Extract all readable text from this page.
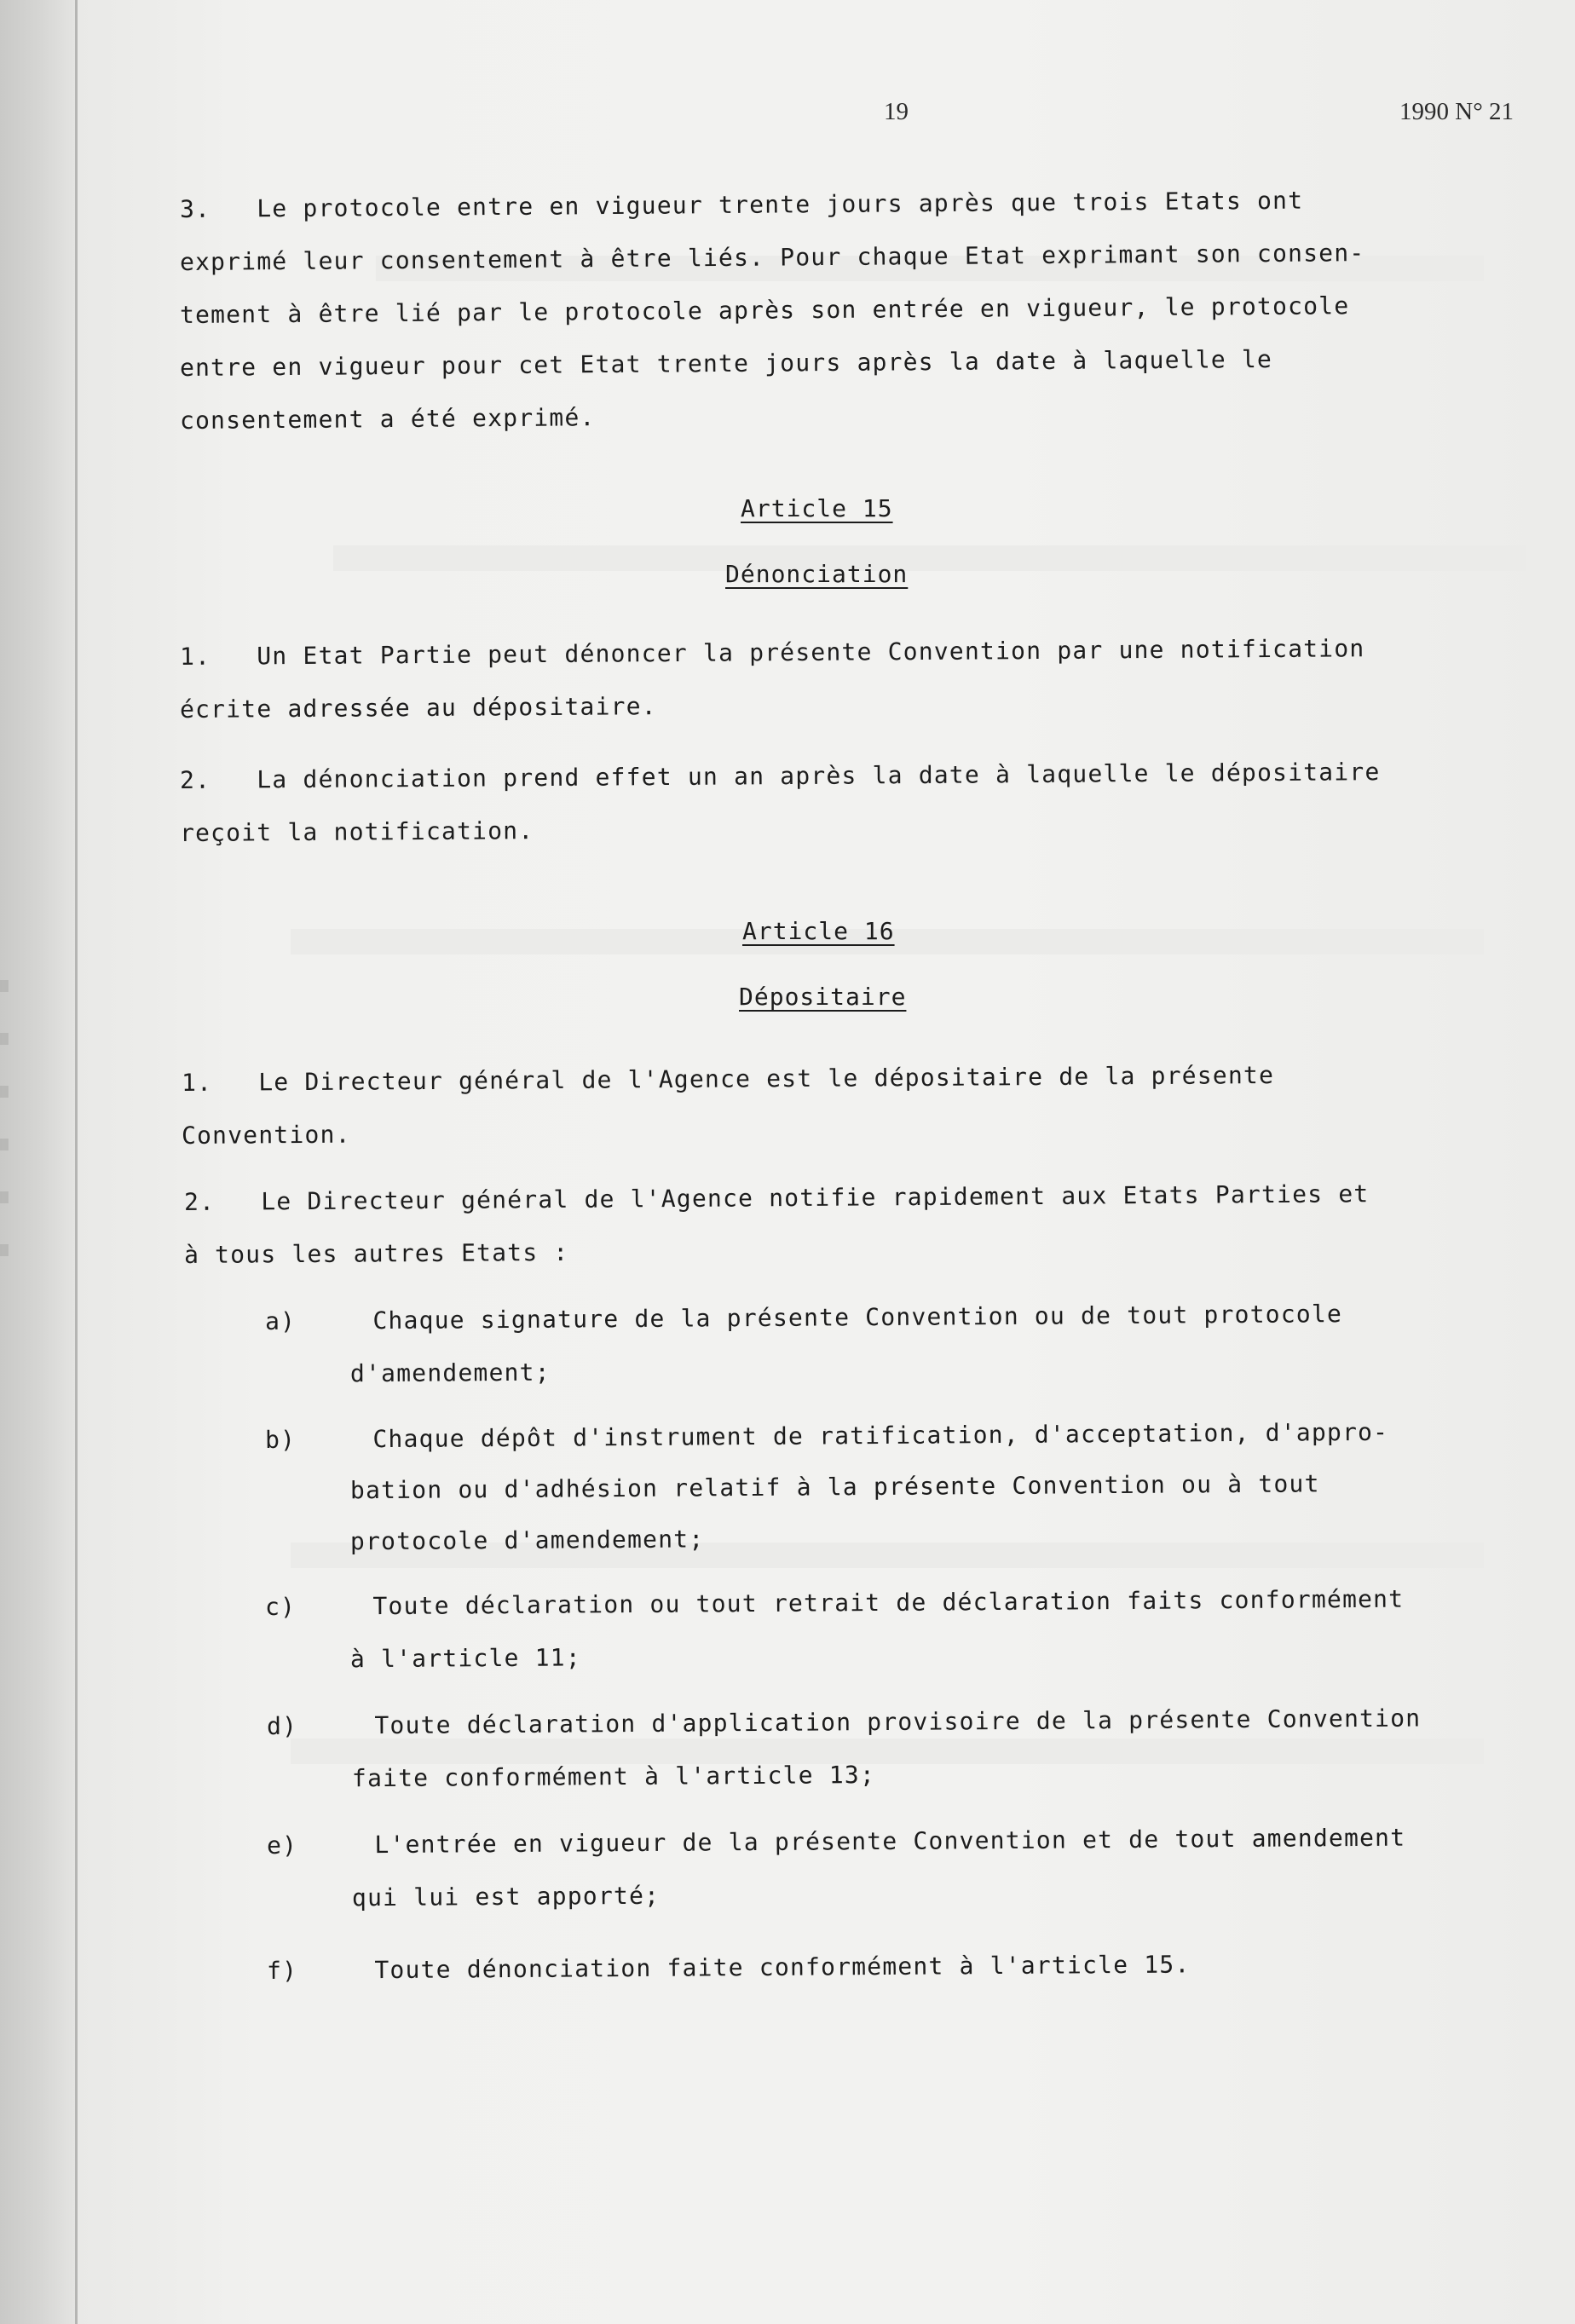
19	1990 N° 21
3. Le protocole entre en vigueur trente jours après que trois Etats ont
exprimé leur consentement à être liés. Pour chaque Etat exprimant son consen-
tement à être lié par le protocole après son entrée en vigueur, le protocole
entre en vigueur pour cet Etat trente jours après la date à laquelle le
consentement a été exprimé.
Article 15
Dénonciation
1. Un Etat Partie peut dénoncer la présente Convention par une notification
écrite adressée au dépositaire.
2. La dénonciation prend effet un an après la date à laquelle le dépositaire
reçoit la notification.
Article 16
Dépositaire
1. Le Directeur général de l'Agence est le dépositaire de la présente
Convention.
2. Le Directeur général de l'Agence notifie rapidement aux Etats Parties et
à tous les autres Etats :
a)	Chaque signature de la présente Convention ou de tout protocole
d'amendement;
b)	Chaque dépôt d'instrument de ratification, d'acceptation, d'appro-
bation ou d'adhésion relatif à la présente Convention ou à tout
protocole d'amendement;
c)	Toute déclaration ou tout retrait de déclaration faits conformément
à l'article 11;
d)	Toute déclaration d'application provisoire de la présente Convention
faite conformément à l'article 13;
e)	L'entrée en vigueur de la présente Convention et de tout amendement
qui lui est apporté;
f)	Toute dénonciation faite conformément à l'article 15.
